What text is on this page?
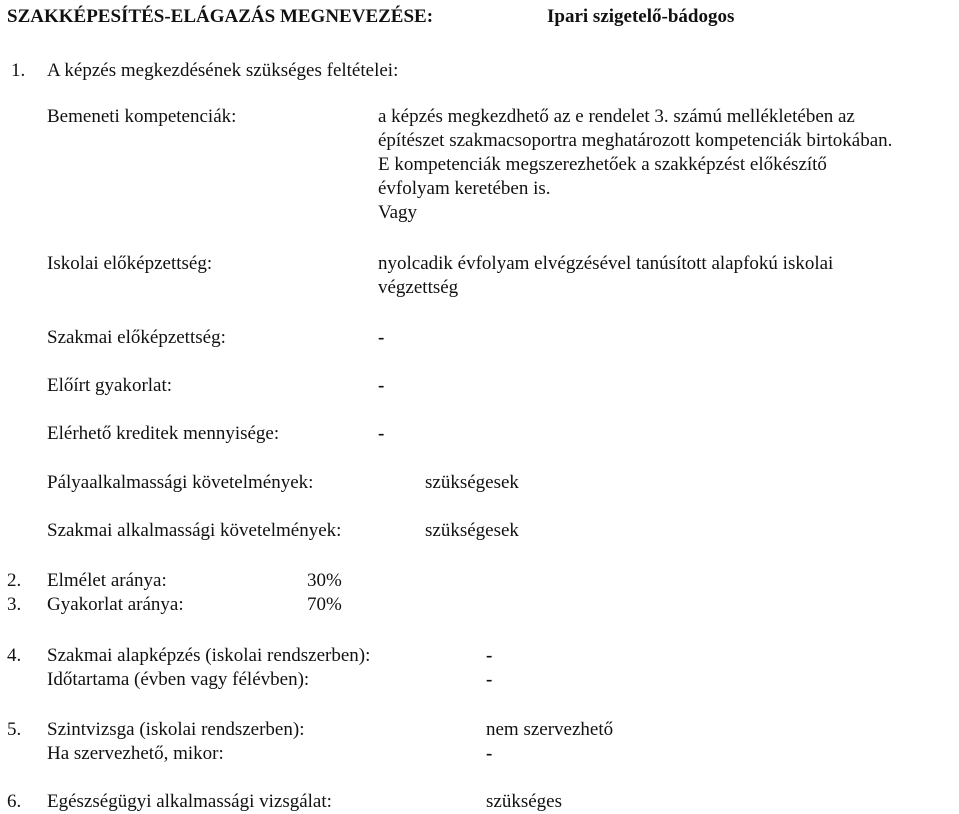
SZAKKÉPESÍTÉS-ELÁGAZÁS MEGNEVEZÉSE:	Ipari szigetelő-bádogos
1. A képzés megkezdésének szükséges feltételei:
Bemeneti kompetenciák:	a képzés megkezdhető az e rendelet 3. számú mellékletében az
építészet szakmacsoportra meghatározott kompetenciák birtokában.
E kompetenciák megszerezhetőek a szakképzést előkészítő
évfolyam keretében is.
Vagy
Iskolai előképzettség:	nyolcadik évfolyam elvégzésével tanúsított alapfokú iskolai
végzettség
Szakmai előképzettség:	-
Előírt gyakorlat:	-
Elérhető kreditek mennyisége:	-
Pályaalkalmassági követelmények:	szükségesek
Szakmai alkalmassági követelmények:	szükségesek
2. Elmélet aránya:	30%
3. Gyakorlat aránya:	70%
4. Szakmai alapképzés (iskolai rendszerben):	-
Időtartama (évben vagy félévben):	-
5. Szintvizsga (iskolai rendszerben):	nem szervezhető
Ha szervezhető, mikor:	-
6. Egészségügyi alkalmassági vizsgálat:	szükséges
